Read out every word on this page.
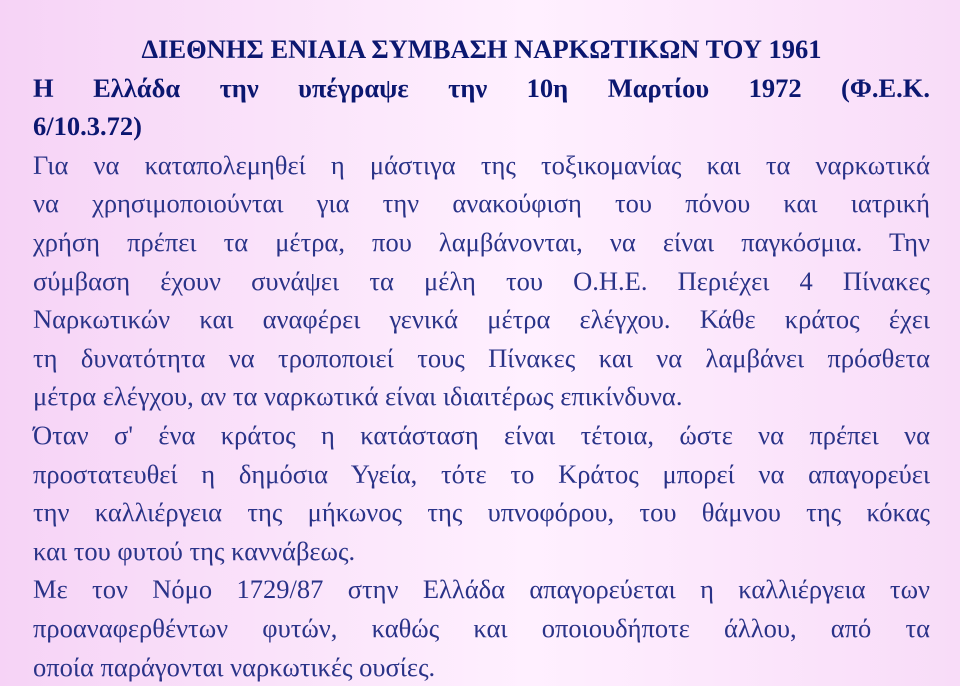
ΔΙΕΘΝΗΣ ΕΝΙΑΙΑ ΣΥΜΒΑΣΗ ΝΑΡΚΩΤΙΚΩΝ ΤΟΥ 1961
Η Ελλάδα την υπέγραψε την 10η Μαρτίου 1972 (Φ.Ε.Κ.
6/10.3.72)
Για να καταπολεμηθεί η μάστιγα της τοξικομανίας και τα ναρκωτικά
να χρησιμοποιούνται για την ανακούφιση του πόνου και ιατρική
χρήση πρέπει τα μέτρα, που λαμβάνονται, να είναι παγκόσμια. Την
σύμβαση έχουν συνάψει τα μέλη του Ο.Η.Ε. Περιέχει 4 Πίνακες
Ναρκωτικών και αναφέρει γενικά μέτρα ελέγχου. Κάθε κράτος έχει
τη δυνατότητα να τροποποιεί τους Πίνακες και να λαμβάνει πρόσθετα
μέτρα ελέγχου, αν τα ναρκωτικά είναι ιδιαιτέρως επικίνδυνα.
Όταν σ' ένα κράτος η κατάσταση είναι τέτοια, ώστε να πρέπει να
προστατευθεί η δημόσια Υγεία, τότε το Κράτος μπορεί να απαγορεύει
την καλλιέργεια της μήκωνος της υπνοφόρου, του θάμνου της κόκας
και του φυτού της καννάβεως.
Με τον Νόμο 1729/87 στην Ελλάδα απαγορεύεται η καλλιέργεια των
προαναφερθέντων φυτών, καθώς και οποιουδήποτε άλλου, από τα
οποία παράγονται ναρκωτικές ουσίες.
